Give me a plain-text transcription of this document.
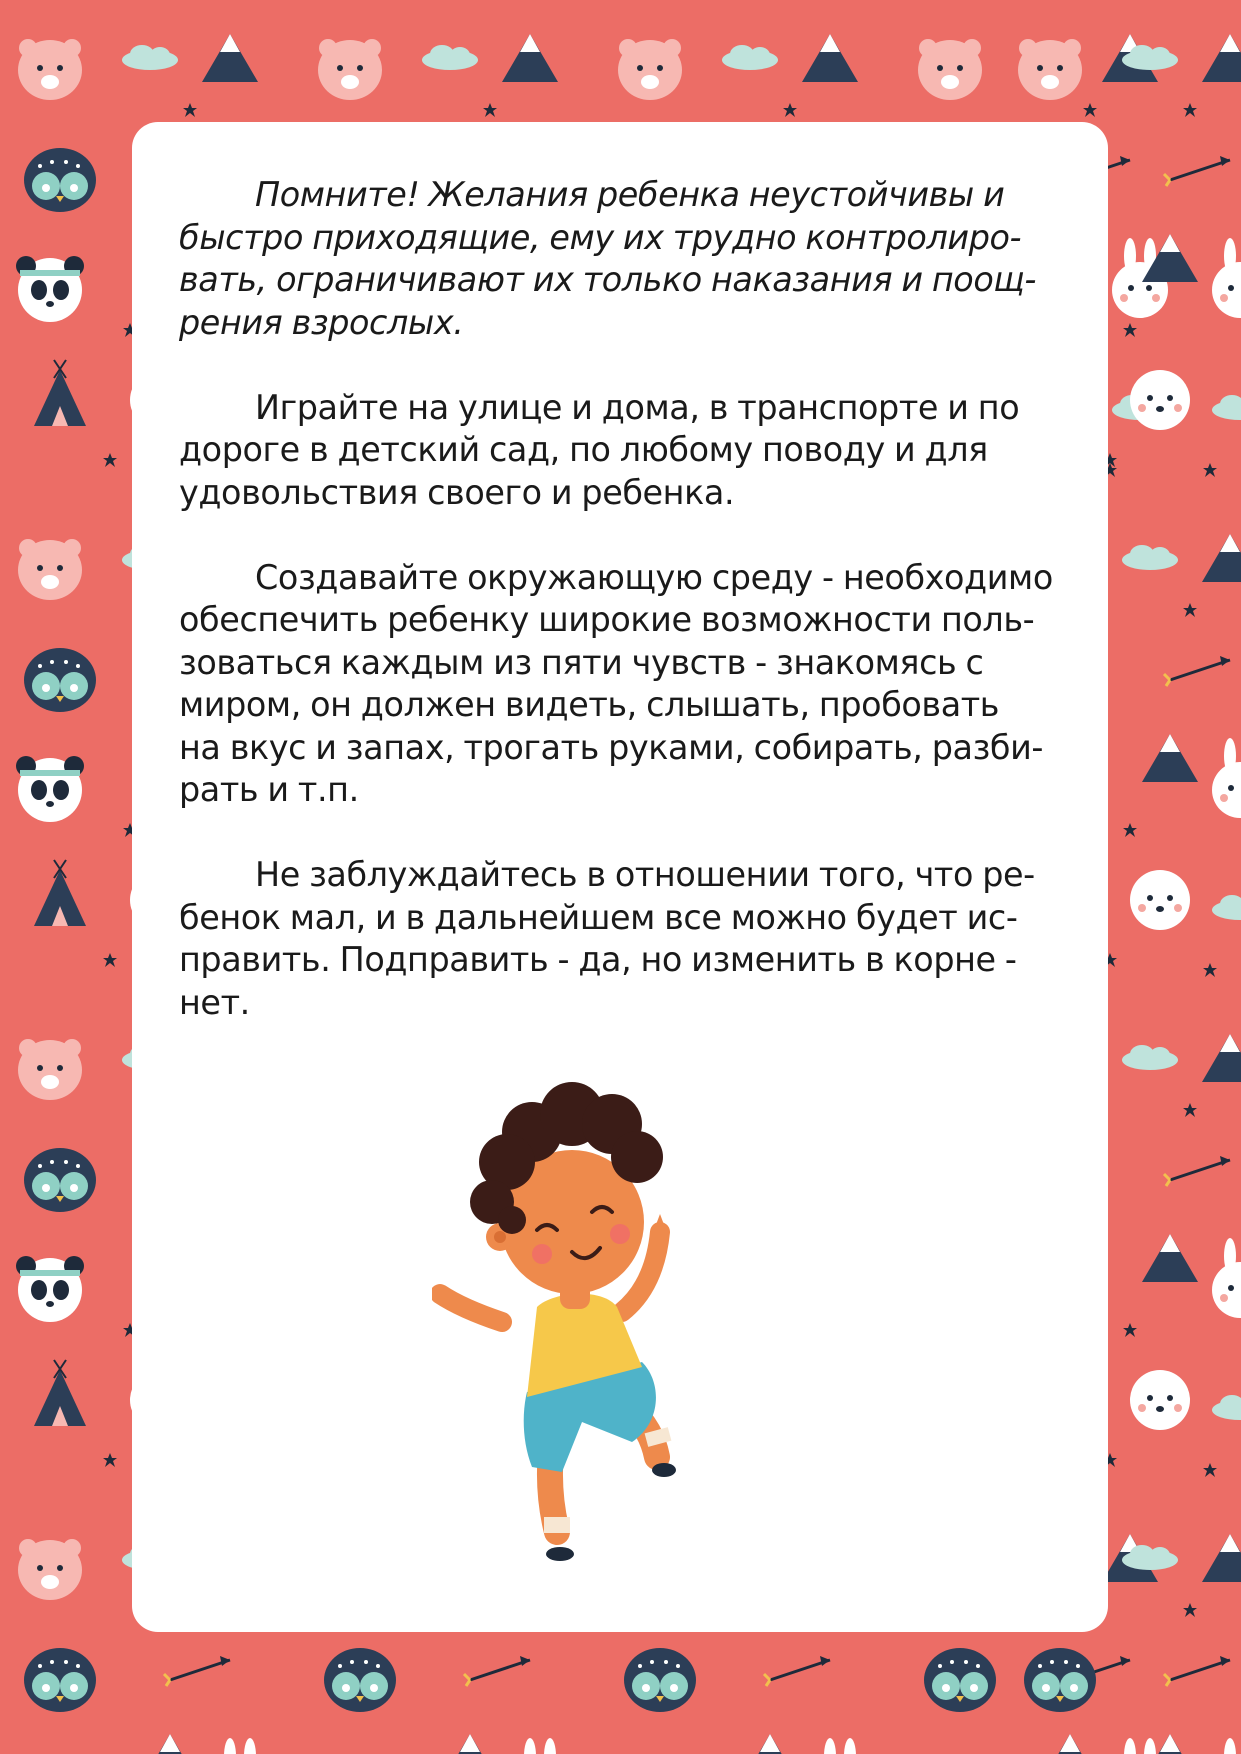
Помните! Желания ребенка неустойчивы и
быстро приходящие, ему их трудно контролиро-
вать, ограничивают их только наказания и поощ-
рения взрослых.

Играйте на улице и дома, в транспорте и по
дороге в детский сад, по любому поводу и для
удовольствия своего и ребенка.

Создавайте окружающую среду - необходимо
обеспечить ребенку широкие возможности поль-
зоваться каждым из пяти чувств - знакомясь с
миром, он должен видеть, слышать, пробовать
на вкус и запах, трогать руками, собирать, разби-
рать и т.п.

Не заблуждайтесь в отношении того, что ре-
бенок мал, и в дальнейшем все можно будет ис-
править. Подправить - да, но изменить в корне -
нет.
